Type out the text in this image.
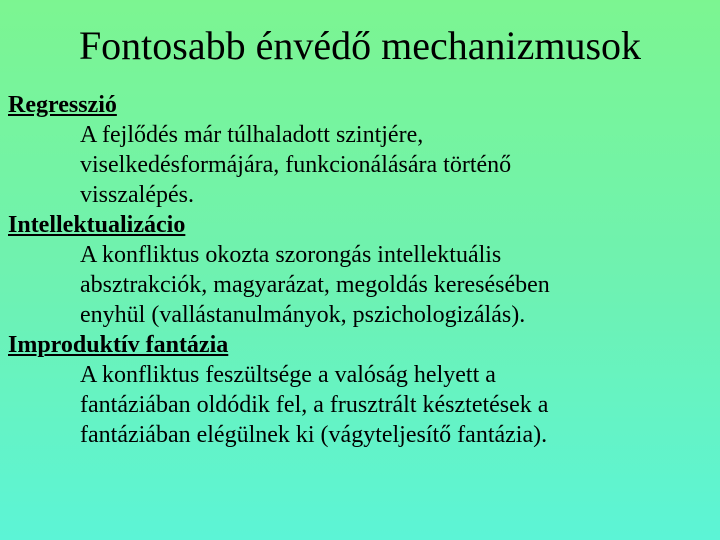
Fontosabb énvédő mechanizmusok

Regresszió

A fejlődés már túlhaladott szintjére,

viselkedésformájára, funkcionálására történő

visszalépés.

Intellektualizácio

A konfliktus okozta szorongás intellektuális

absztrakciók, magyarázat, megoldás keresésében

enyhül (vallástanulmányok, pszichologizálás).

Improduktív fantázia

A konfliktus feszültsége a valóság helyett a

fantáziában oldódik fel, a frusztrált késztetések a

fantáziában elégülnek ki (vágyteljesítő fantázia).
